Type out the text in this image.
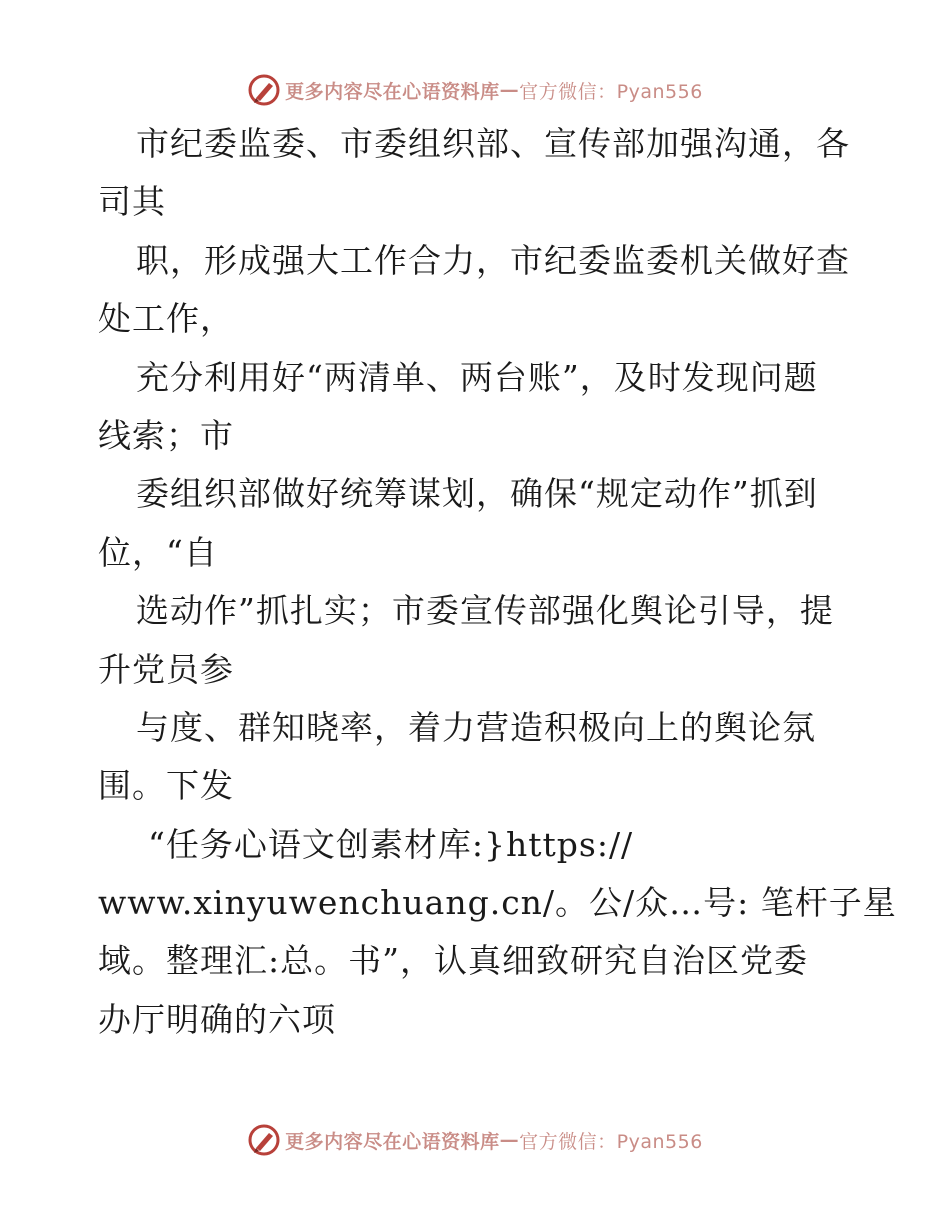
更多内容尽在心语资料库 — 官方微信：Pyan556
市纪委监委、市委组织部、宣传部加强沟通，各
司其
职，形成强大工作合力，市纪委监委机关做好查
处工作，
充分利用好“两清单、两台账”，及时发现问题
线索；市
委组织部做好统筹谋划，确保“规定动作”抓到
位，“自
选动作”抓扎实；市委宣传部强化舆论引导，提
升党员参
与度、群知晓率，着力营造积极向上的舆论氛
围。下发
“任务心语文创素材库:}https://
www.xinyuwenchuang.cn/。公/众…号: 笔杆子星
域。整理汇:总。书”，认真细致研究自治区党委
办厅明确的六项
更多内容尽在心语资料库 — 官方微信：Pyan556
